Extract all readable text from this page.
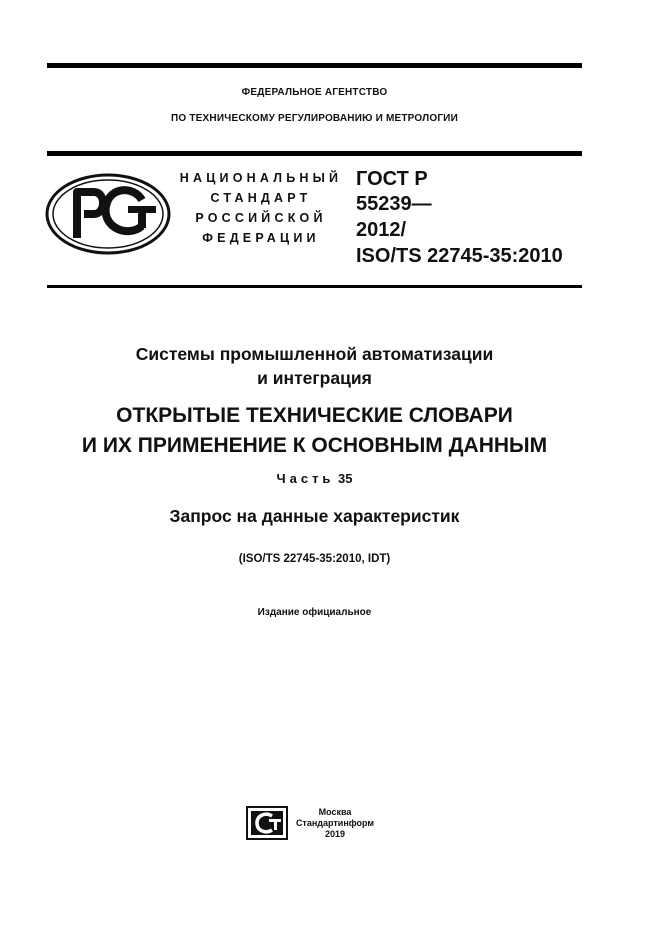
ФЕДЕРАЛЬНОЕ АГЕНТСТВО
ПО ТЕХНИЧЕСКОМУ РЕГУЛИРОВАНИЮ И МЕТРОЛОГИИ
НАЦИОНАЛЬНЫЙ
СТАНДАРТ
РОССИЙСКОЙ
ФЕДЕРАЦИИ
ГОСТ Р
55239—
2012/
ISO/TS 22745-35:2010
Системы промышленной автоматизации
и интеграция
ОТКРЫТЫЕ ТЕХНИЧЕСКИЕ СЛОВАРИ
И ИХ ПРИМЕНЕНИЕ К ОСНОВНЫМ ДАННЫМ
Часть 35
Запрос на данные характеристик
(ISO/TS 22745-35:2010, IDT)
Издание официальное
Москва
Стандартинформ
2019
